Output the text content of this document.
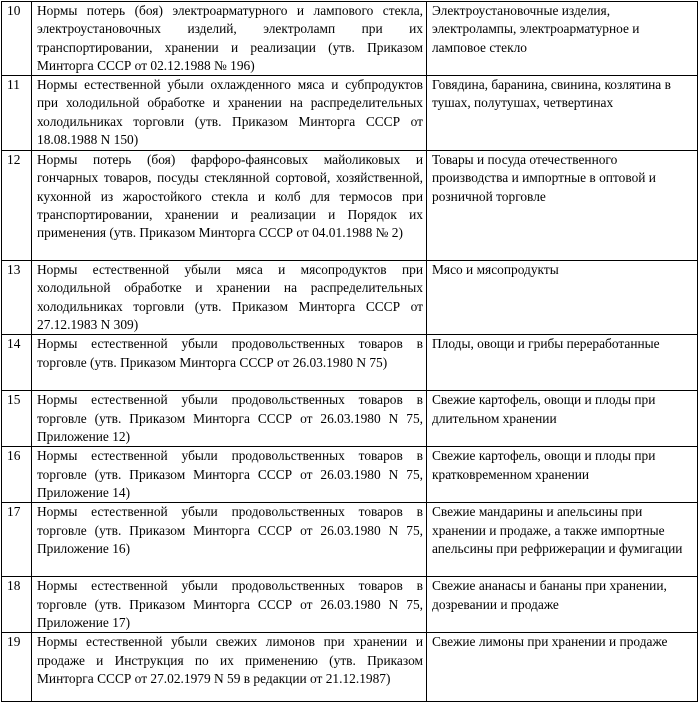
10	Нормы потерь (боя) электроарматурного и лампового стекла, электроустановочных изделий, электроламп при их транспортировании, хранении и реализации (утв. Приказом Минторга СССР от 02.12.1988 № 196)	Электроустановочные изделия, электролампы, электроарматурное и ламповое стекло
11	Нормы естественной убыли охлажденного мяса и субпродуктов при холодильной обработке и хранении на распределительных холодильниках торговли (утв. Приказом Минторга СССР от 18.08.1988 N 150)	Говядина, баранина, свинина, козлятина в тушах, полутушах, четвертинах
12	Нормы потерь (боя) фарфоро-фаянсовых майоликовых и гончарных товаров, посуды стеклянной сортовой, хозяйственной, кухонной из жаростойкого стекла и колб для термосов при транспортировании, хранении и реализации и Порядок их применения (утв. Приказом Минторга СССР от 04.01.1988 № 2)	Товары и посуда отечественного производства и импортные в оптовой и розничной торговле
13	Нормы естественной убыли мяса и мясопродуктов при холодильной обработке и хранении на распределительных холодильниках торговли (утв. Приказом Минторга СССР от 27.12.1983 N 309)	Мясо и мясопродукты
14	Нормы естественной убыли продовольственных товаров в торговле (утв. Приказом Минторга СССР от 26.03.1980 N 75)	Плоды, овощи и грибы переработанные
15	Нормы естественной убыли продовольственных товаров в торговле (утв. Приказом Минторга СССР от 26.03.1980 N 75, Приложение 12)	Свежие картофель, овощи и плоды при длительном хранении
16	Нормы естественной убыли продовольственных товаров в торговле (утв. Приказом Минторга СССР от 26.03.1980 N 75, Приложение 14)	Свежие картофель, овощи и плоды при кратковременном хранении
17	Нормы естественной убыли продовольственных товаров в торговле (утв. Приказом Минторга СССР от 26.03.1980 N 75, Приложение 16)	Свежие мандарины и апельсины при хранении и продаже, а также импортные апельсины при рефрижерации и фумигации
18	Нормы естественной убыли продовольственных товаров в торговле (утв. Приказом Минторга СССР от 26.03.1980 N 75, Приложение 17)	Свежие ананасы и бананы при хранении, дозревании и продаже
19	Нормы естественной убыли свежих лимонов при хранении и продаже и Инструкция по их применению (утв. Приказом Минторга СССР от 27.02.1979 N 59 в редакции от 21.12.1987)	Свежие лимоны при хранении и продаже
